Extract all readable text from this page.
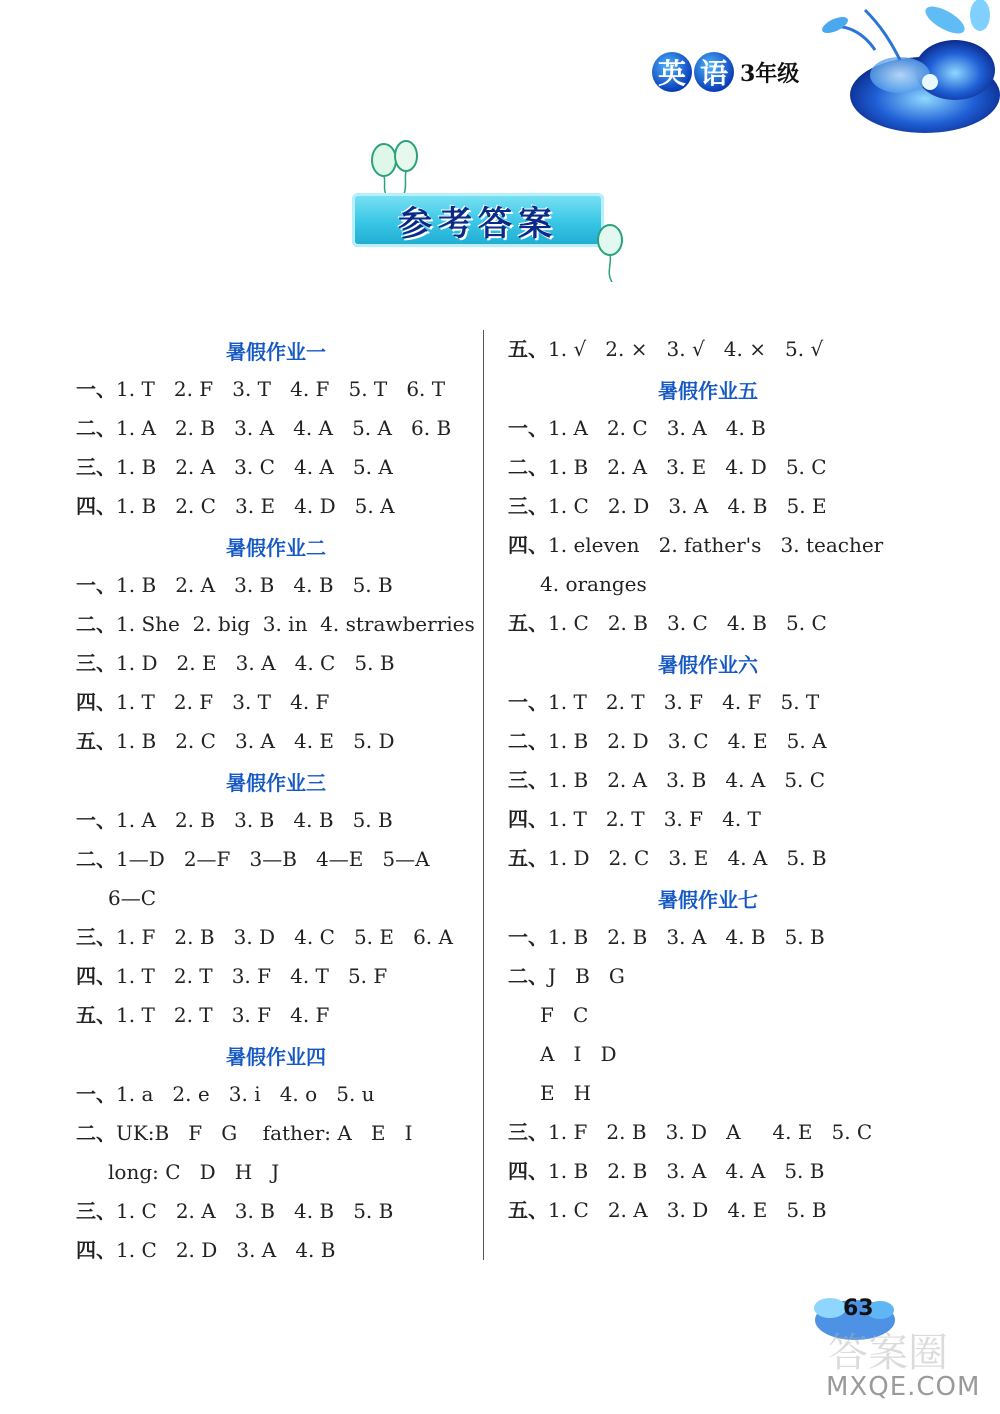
英 语 3年级
参考答案
暑假作业一
一、1. T   2. F   3. T   4. F   5. T   6. T
二、1. A   2. B   3. A   4. A   5. A   6. B
三、1. B   2. A   3. C   4. A   5. A
四、1. B   2. C   3. E   4. D   5. A
暑假作业二
一、1. B   2. A   3. B   4. B   5. B
二、1. She  2. big  3. in  4. strawberries
三、1. D   2. E   3. A   4. C   5. B
四、1. T   2. F   3. T   4. F
五、1. B   2. C   3. A   4. E   5. D
暑假作业三
一、1. A   2. B   3. B   4. B   5. B
二、1—D   2—F   3—B   4—E   5—A
6—C
三、1. F   2. B   3. D   4. C   5. E   6. A
四、1. T   2. T   3. F   4. T   5. F
五、1. T   2. T   3. F   4. F
暑假作业四
一、1. a   2. e   3. i   4. o   5. u
二、UK:B   F   G    father: A   E   I
long: C   D   H   J
三、1. C   2. A   3. B   4. B   5. B
四、1. C   2. D   3. A   4. B
五、1. √   2. ×   3. √   4. ×   5. √
暑假作业五
一、1. A   2. C   3. A   4. B
二、1. B   2. A   3. E   4. D   5. C
三、1. C   2. D   3. A   4. B   5. E
四、1. eleven   2. father's   3. teacher
4. oranges
五、1. C   2. B   3. C   4. B   5. C
暑假作业六
一、1. T   2. T   3. F   4. F   5. T
二、1. B   2. D   3. C   4. E   5. A
三、1. B   2. A   3. B   4. A   5. C
四、1. T   2. T   3. F   4. T
五、1. D   2. C   3. E   4. A   5. B
暑假作业七
一、1. B   2. B   3. A   4. B   5. B
二、J   B   G
F   C
A   I   D
E   H
三、1. F   2. B   3. D   A     4. E   5. C
四、1. B   2. B   3. A   4. A   5. B
五、1. C   2. A   3. D   4. E   5. B
63
答案圈
MXQE.COM
